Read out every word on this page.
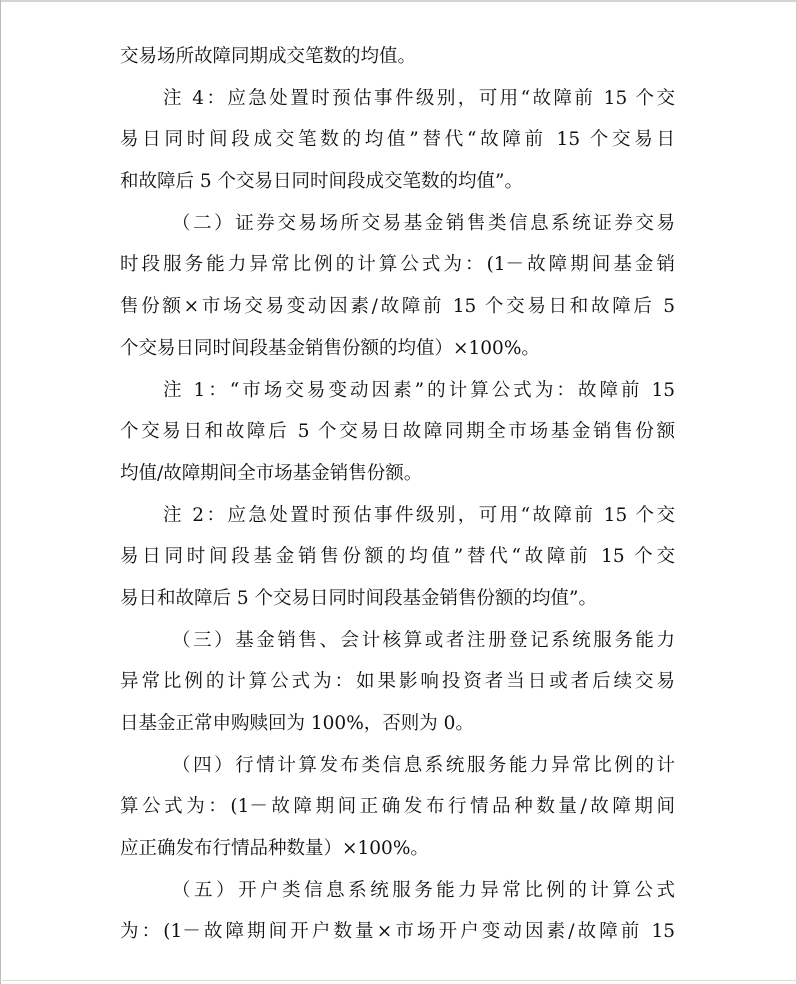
交易场所故障同期成交笔数的均值。
注 4：应急处置时预估事件级别，可用“故障前 15 个交
易日同时间段成交笔数的均值”替代“故障前 15 个交易日
和故障后 5 个交易日同时间段成交笔数的均值”。
（二）证券交易场所交易基金销售类信息系统证券交易
时段服务能力异常比例的计算公式为：(1－故障期间基金销
售份额×市场交易变动因素/故障前 15 个交易日和故障后 5
个交易日同时间段基金销售份额的均值）×100%。
注 1：“市场交易变动因素”的计算公式为：故障前 15
个交易日和故障后 5 个交易日故障同期全市场基金销售份额
均值/故障期间全市场基金销售份额。
注 2：应急处置时预估事件级别，可用“故障前 15 个交
易日同时间段基金销售份额的均值”替代“故障前 15 个交
易日和故障后 5 个交易日同时间段基金销售份额的均值”。
（三）基金销售、会计核算或者注册登记系统服务能力
异常比例的计算公式为：如果影响投资者当日或者后续交易
日基金正常申购赎回为 100%，否则为 0。
（四）行情计算发布类信息系统服务能力异常比例的计
算公式为：(1－故障期间正确发布行情品种数量/故障期间
应正确发布行情品种数量）×100%。
（五）开户类信息系统服务能力异常比例的计算公式
为：(1－故障期间开户数量×市场开户变动因素/故障前 15
